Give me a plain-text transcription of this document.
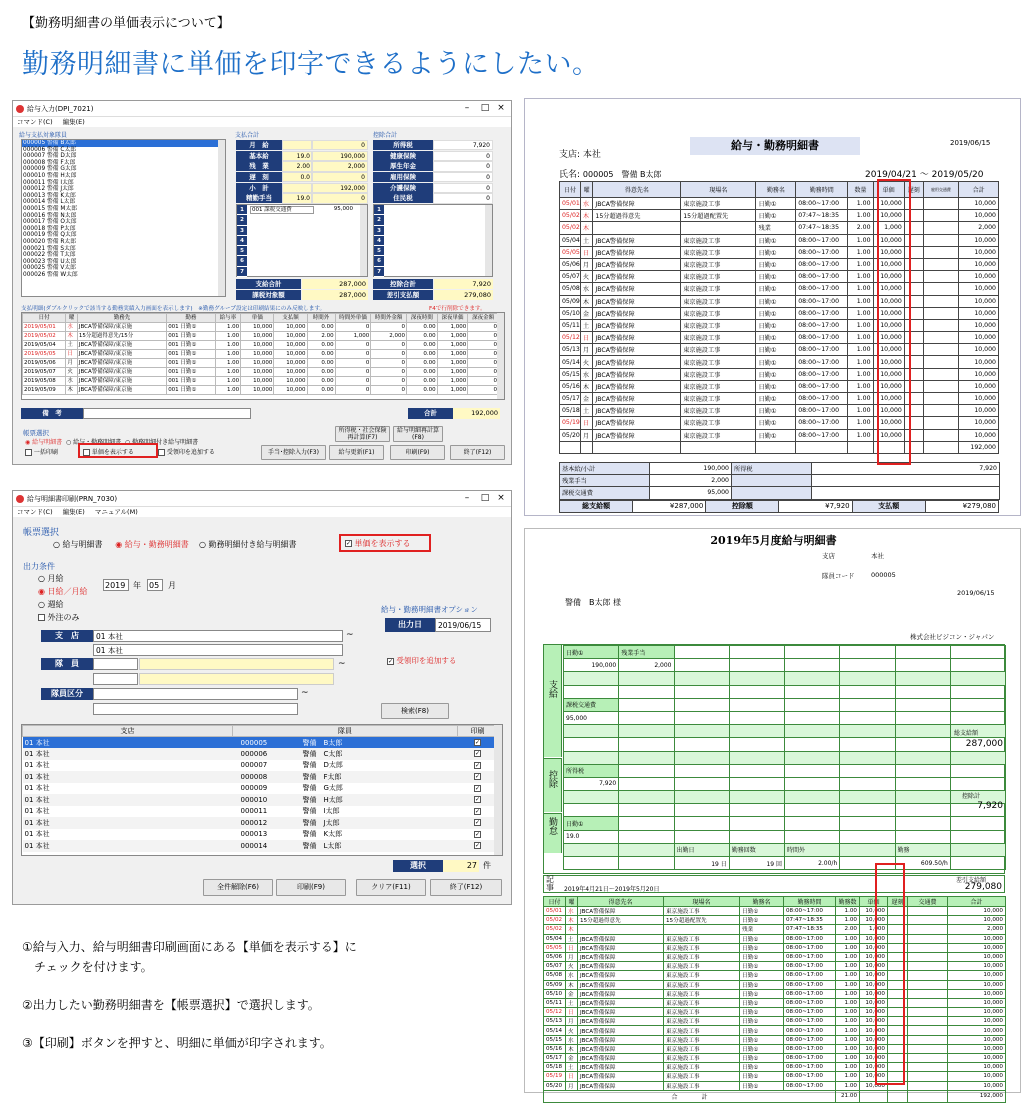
【勤務明細書の単価表示について】
勤務明細書に単価を印字できるようにしたい。
給与入力(DPI_7021)	–	□ ×
コマンド(C) 編集(E)
給与支払対象隊員
000005 警備 B太郎
000006 警備 C太郎
000007 警備 D太郎
000008 警備 F太郎
000009 警備 G太郎
000010 警備 H太郎
000011 警備 I太郎
000012 警備 J太郎
000013 警備 K太郎
000014 警備 L太郎
000015 警備 M太郎
000016 警備 N太郎
000017 警備 O太郎
000018 警備 P太郎
000019 警備 Q太郎
000020 警備 R太郎
000021 警備 S太郎
000022 警備 T太郎
000023 警備 U太郎
000025 警備 V太郎
000026 警備 W太郎
支払合計
月　給	0
基本給	19.0	190,000
残　業	2.00	2,000
遅　刻	0.0	0
小　計	192,000
精勤手当	19.0	0
1
2
3
4
5
6
7
001 課税交通費	95,000
支給合計	287,000
課税対象額	287,000
控除合計
所得税	7,920
健康保険	0
厚生年金	0
雇用保険	0
介護保険	0
住民税	0
1
2
3
4
5
6
7
控除合計	7,920
差引支払額	279,080
支払明細(ダブルクリックで該当する勤務実績入力画面を表示します)　※勤務グループ設定は印刷結果にのみ反映します。	F4で行削除できます。
日付	曜	勤務先	勤務	給与率	単価	支払額	時間外	時間外単価	時間外金額	深夜時間	深夜単価	深夜金額
2019/05/01	水	JBCA警備保障/東京施	001 日勤①	1.00	10,000	10,000	0.00	0	0	0.00	1,000	0
2019/05/02	木	15分超過得意先/15分	001 日勤①	1.00	10,000	10,000	2.00	1,000	2,000	0.00	1,000	0
2019/05/04	土	JBCA警備保障/東京施	001 日勤①	1.00	10,000	10,000	0.00	0	0	0.00	1,000	0
2019/05/05	日	JBCA警備保障/東京施	001 日勤①	1.00	10,000	10,000	0.00	0	0	0.00	1,000	0
2019/05/06	月	JBCA警備保障/東京施	001 日勤①	1.00	10,000	10,000	0.00	0	0	0.00	1,000	0
2019/05/07	火	JBCA警備保障/東京施	001 日勤①	1.00	10,000	10,000	0.00	0	0	0.00	1,000	0
2019/05/08	水	JBCA警備保障/東京施	001 日勤①	1.00	10,000	10,000	0.00	0	0	0.00	1,000	0
2019/05/09	木	JBCA警備保障/東京施	001 日勤①	1.00	10,000	10,000	0.00	0	0	0.00	1,000	0
備　考	合計	192,000
帳票選択
◉ 給与明細書 ○ 給与・勤務明細書 ○ 勤務明細付き給与明細書
一括印刷	単価を表示する	受領印を追加する
所得税・社会保険
再計算(F7)
給与明細再計算
(F8)
手当･控除入力(F3)	給与更新(F1)	印刷(F9)	終了(F12)
給与明細書印刷(PRN_7030)	–	□ ×
コマンド(C) 編集(E) マニュアル(M)
帳票選択
○ 給与明細書 ◉ 給与・勤務明細書 ○ 勤務明細付き給与明細書	✓ 単価を表示する
出力条件
○ 月給
◉ 日給／月給
○ 週給
外注のみ
2019 年 05	月
支　店	01 本社
01 本社
~
隊　員	~
隊員区分	~
給与・勤務明細書オプション
出力日	2019/06/15
✓ 受領印を追加する
検索(F8)
支店	隊員	印刷
01 本社	000005 警備　B太郎	✓
01 本社	000006 警備　C太郎	✓
01 本社	000007 警備　D太郎	✓
01 本社	000008 警備　F太郎	✓
01 本社	000009 警備　G太郎	✓
01 本社	000010 警備　H太郎	✓
01 本社	000011 警備　I太郎	✓
01 本社	000012 警備　J太郎	✓
01 本社	000013 警備　K太郎	✓
01 本社	000014 警備　L太郎	✓
選択	27 件
全件解除(F6)	印刷(F9)	クリア(F11)	終了(F12)
①給与入力、給与明細書印刷画面にある【単価を表示する】に
　チェックを付けます。
②出力したい勤務明細書を【帳票選択】で選択します。
③【印刷】ボタンを押すと、明細に単価が印字されます。
給与・勤務明細書	2019/06/15
支店: 本社
氏名: 000005　警備 B太郎	2019/04/21 ～ 2019/05/20
日付	曜	得意先名	現場名	勤務名	勤務時間	数量	単価	遅刻	雇用交通費	合計
05/01	水	JBCA警備保障	東京施設工事	日勤①	08:00~17:00	1.00	10,000			10,000
05/02	木	15分超過得意先	15分超過配置先	日勤①	07:47~18:35	1.00	10,000			10,000
05/02	木			残業	07:47~18:35	2.00	1,000			2,000
05/04	土	JBCA警備保障	東京施設工事	日勤①	08:00~17:00	1.00	10,000			10,000
05/05	日	JBCA警備保障	東京施設工事	日勤①	08:00~17:00	1.00	10,000			10,000
05/06	月	JBCA警備保障	東京施設工事	日勤①	08:00~17:00	1.00	10,000			10,000
05/07	火	JBCA警備保障	東京施設工事	日勤①	08:00~17:00	1.00	10,000			10,000
05/08	水	JBCA警備保障	東京施設工事	日勤①	08:00~17:00	1.00	10,000			10,000
05/09	木	JBCA警備保障	東京施設工事	日勤①	08:00~17:00	1.00	10,000			10,000
05/10	金	JBCA警備保障	東京施設工事	日勤①	08:00~17:00	1.00	10,000			10,000
05/11	土	JBCA警備保障	東京施設工事	日勤①	08:00~17:00	1.00	10,000			10,000
05/12	日	JBCA警備保障	東京施設工事	日勤①	08:00~17:00	1.00	10,000			10,000
05/13	月	JBCA警備保障	東京施設工事	日勤①	08:00~17:00	1.00	10,000			10,000
05/14	火	JBCA警備保障	東京施設工事	日勤①	08:00~17:00	1.00	10,000			10,000
05/15	水	JBCA警備保障	東京施設工事	日勤①	08:00~17:00	1.00	10,000			10,000
05/16	木	JBCA警備保障	東京施設工事	日勤①	08:00~17:00	1.00	10,000			10,000
05/17	金	JBCA警備保障	東京施設工事	日勤①	08:00~17:00	1.00	10,000			10,000
05/18	土	JBCA警備保障	東京施設工事	日勤①	08:00~17:00	1.00	10,000			10,000
05/19	日	JBCA警備保障	東京施設工事	日勤①	08:00~17:00	1.00	10,000			10,000
05/20	月	JBCA警備保障	東京施設工事	日勤①	08:00~17:00	1.00	10,000			10,000
										192,000
基本給/小計	190,000	所得税	7,920
残業手当	2,000		
課税交通費	95,000		
総支給額	¥287,000	控除額	¥7,920	支払額	¥279,080
2019年5月度給与明細書
支店	本社
隊員コード	000005
2019/06/15
警備　B太郎 様
株式会社ビジコン・ジャパン
支給
控除
勤怠
日勤①	残業手当						
190,000	2,000						

課税交通費							
95,000							

所得税							
7,920							

日勤①							
19.0							
		出勤日	勤務回数	時間外		勤務	
		19 日	19 回	2.00/h		609.50/h	
総支給額
287,000
控除計
7,920
記事	2019年4月21日～2019年5月20日
差引支給額
279,080
日付	曜	得意先名	現場名	勤務名	勤務時間	勤務数	単価	遅刻	交通費	合計
05/01	水	JBCA警備保障	東京施設工事	日勤①	08:00~17:00	1.00	10,000			10,000
05/02	木	15分超過得意先	15分超過配置先	日勤①	07:47~18:35	1.00	10,000			10,000
05/02	木			残業	07:47~18:35	2.00	1,000			2,000
05/04	土	JBCA警備保障	東京施設工事	日勤①	08:00~17:00	1.00	10,000			10,000
05/05	日	JBCA警備保障	東京施設工事	日勤①	08:00~17:00	1.00	10,000			10,000
05/06	月	JBCA警備保障	東京施設工事	日勤①	08:00~17:00	1.00	10,000			10,000
05/07	火	JBCA警備保障	東京施設工事	日勤①	08:00~17:00	1.00	10,000			10,000
05/08	水	JBCA警備保障	東京施設工事	日勤①	08:00~17:00	1.00	10,000			10,000
05/09	木	JBCA警備保障	東京施設工事	日勤①	08:00~17:00	1.00	10,000			10,000
05/10	金	JBCA警備保障	東京施設工事	日勤①	08:00~17:00	1.00	10,000			10,000
05/11	土	JBCA警備保障	東京施設工事	日勤①	08:00~17:00	1.00	10,000			10,000
05/12	日	JBCA警備保障	東京施設工事	日勤①	08:00~17:00	1.00	10,000			10,000
05/13	月	JBCA警備保障	東京施設工事	日勤①	08:00~17:00	1.00	10,000			10,000
05/14	火	JBCA警備保障	東京施設工事	日勤①	08:00~17:00	1.00	10,000			10,000
05/15	水	JBCA警備保障	東京施設工事	日勤①	08:00~17:00	1.00	10,000			10,000
05/16	木	JBCA警備保障	東京施設工事	日勤①	08:00~17:00	1.00	10,000			10,000
05/17	金	JBCA警備保障	東京施設工事	日勤①	08:00~17:00	1.00	10,000			10,000
05/18	土	JBCA警備保障	東京施設工事	日勤①	08:00~17:00	1.00	10,000			10,000
05/19	日	JBCA警備保障	東京施設工事	日勤①	08:00~17:00	1.00	10,000			10,000
05/20	月	JBCA警備保障	東京施設工事	日勤①	08:00~17:00	1.00	10,000			10,000
合　　　　計						21.00				192,000
